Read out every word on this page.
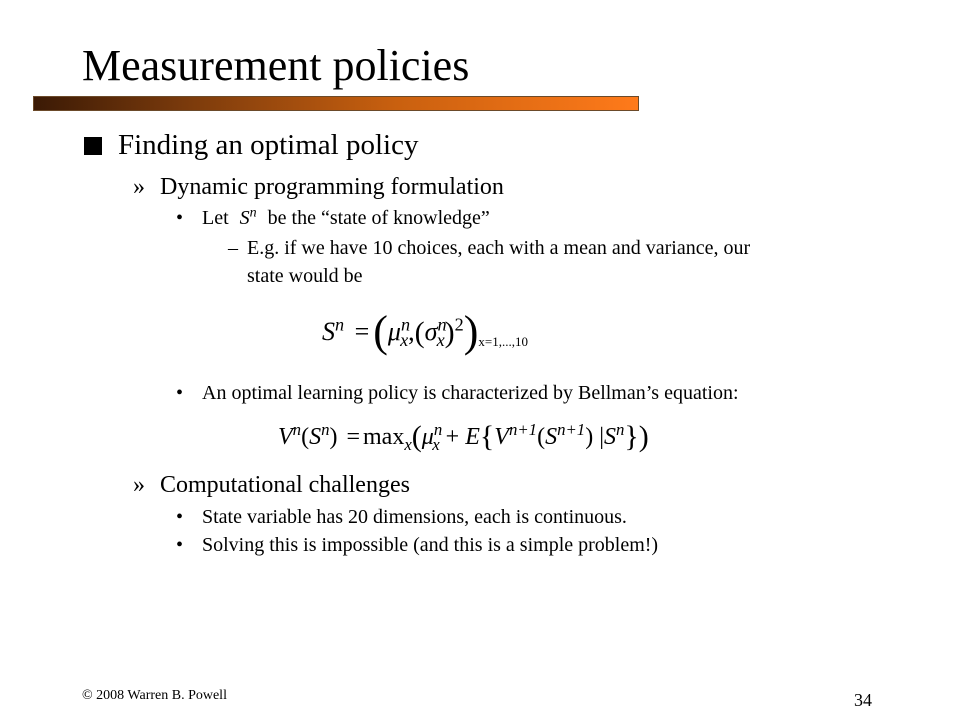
Measurement policies
Finding an optimal policy
» Dynamic programming formulation
• Let $S^n$ be the “state of knowledge”
– E.g. if we have 10 choices, each with a mean and variance, our
state would be
$S^n =(\mu^n_x,(\sigma^n_x)^2)_{x=1,...,10}$
• An optimal learning policy is characterized by Bellman’s equation:
$V^n(S^n) = \max_x(\mu^n_x + E\{V^{n+1}(S^{n+1})$ $|S^n$})
» Computational challenges
• State variable has 20 dimensions, each is continuous.
• Solving this is impossible (and this is a simple problem!)
© 2008 Warren B. Powell	34
